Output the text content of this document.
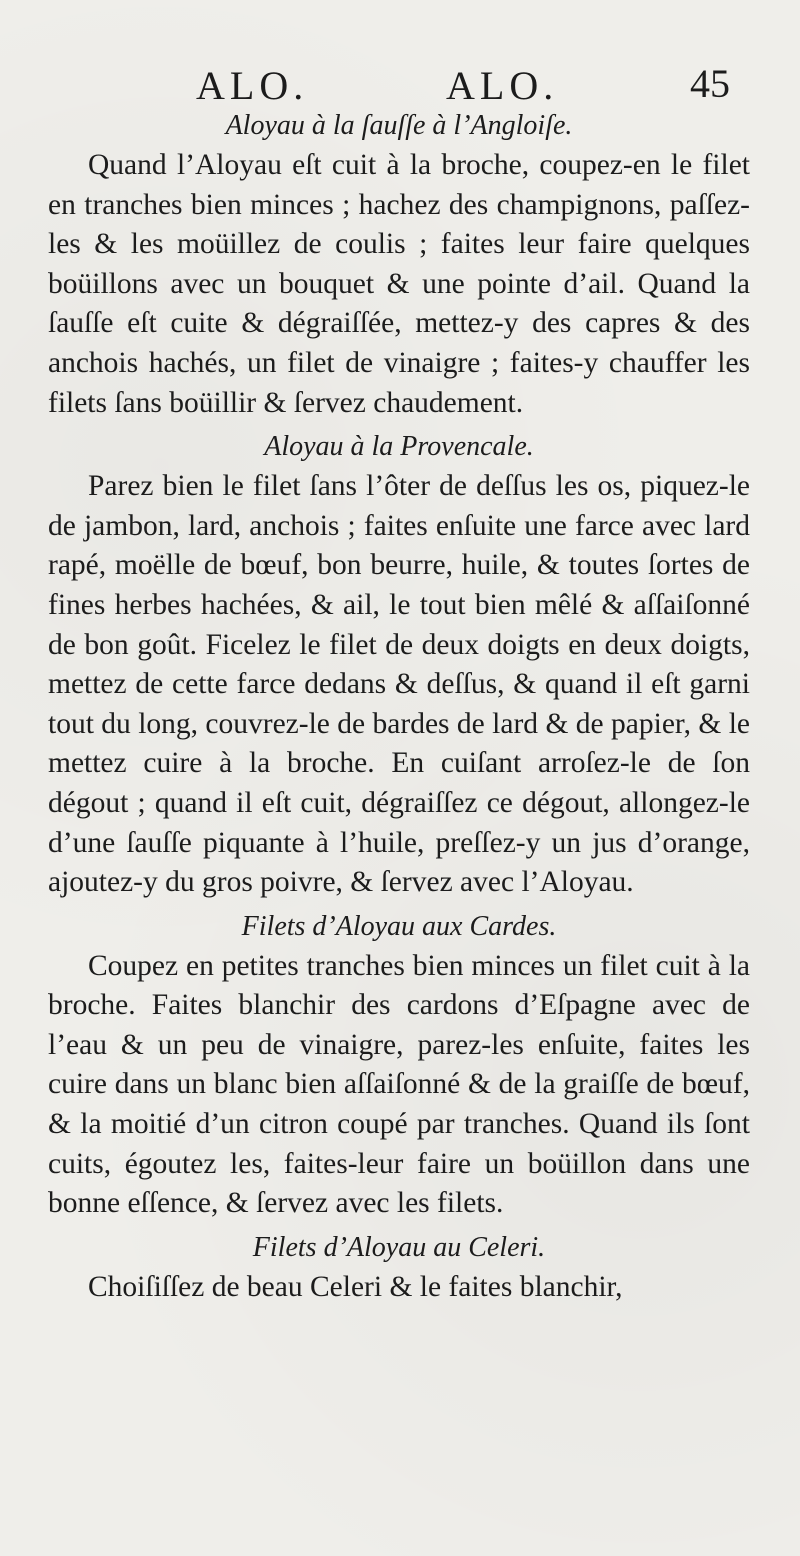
ALO.	ALO.	45
Aloyau à la ſauſſe à l’Angloiſe.

Quand l’Aloyau eſt cuit à la broche, coupez-en le filet en tranches bien minces ; hachez des champignons, paſſez-les & les moüillez de coulis ; faites leur faire quelques boüillons avec un bouquet & une pointe d’ail. Quand la ſauſſe eſt cuite & dégraiſſée, mettez-y des capres & des anchois hachés, un filet de vinaigre ; faites-y chauffer les filets ſans boüillir & ſervez chaudement.

Aloyau à la Provencale.

Parez bien le filet ſans l’ôter de deſſus les os, piquez-le de jambon, lard, anchois ; faites enſuite une farce avec lard rapé, moëlle de bœuf, bon beurre, huile, & toutes ſortes de fines herbes hachées, & ail, le tout bien mêlé & aſſaiſonné de bon goût. Ficelez le filet de deux doigts en deux doigts, mettez de cette farce dedans & deſſus, & quand il eſt garni tout du long, couvrez-le de bardes de lard & de papier, & le mettez cuire à la broche. En cuiſant arroſez-le de ſon dégout ; quand il eſt cuit, dégraiſſez ce dégout, allongez-le d’une ſauſſe piquante à l’huile, preſſez-y un jus d’orange, ajoutez-y du gros poivre, & ſervez avec l’Aloyau.

Filets d’Aloyau aux Cardes.

Coupez en petites tranches bien minces un filet cuit à la broche. Faites blanchir des cardons d’Eſpagne avec de l’eau & un peu de vinaigre, parez-les enſuite, faites les cuire dans un blanc bien aſſaiſonné & de la graiſſe de bœuf, & la moitié d’un citron coupé par tranches. Quand ils ſont cuits, égoutez les, faites-leur faire un boüillon dans une bonne eſſence, & ſervez avec les filets.

Filets d’Aloyau au Celeri.

Choiſiſſez de beau Celeri & le faites blanchir,
